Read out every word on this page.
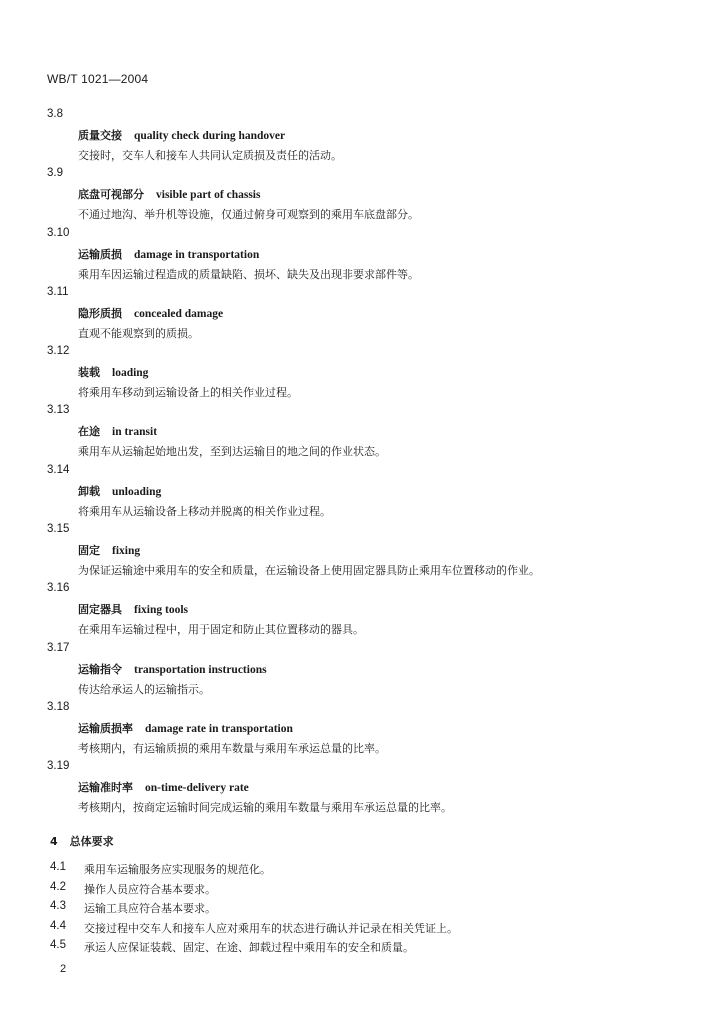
WB/T 1021—2004
3.8
质量交接 quality check during handover
交接时，交车人和接车人共同认定质损及责任的活动。
3.9
底盘可视部分 visible part of chassis
不通过地沟、举升机等设施，仅通过俯身可观察到的乘用车底盘部分。
3.10
运输质损 damage in transportation
乘用车因运输过程造成的质量缺陷、损坏、缺失及出现非要求部件等。
3.11
隐形质损 concealed damage
直观不能观察到的质损。
3.12
装载 loading
将乘用车移动到运输设备上的相关作业过程。
3.13
在途 in transit
乘用车从运输起始地出发，至到达运输目的地之间的作业状态。
3.14
卸载 unloading
将乘用车从运输设备上移动并脱离的相关作业过程。
3.15
固定 fixing
为保证运输途中乘用车的安全和质量，在运输设备上使用固定器具防止乘用车位置移动的作业。
3.16
固定器具 fixing tools
在乘用车运输过程中，用于固定和防止其位置移动的器具。
3.17
运输指令 transportation instructions
传达给承运人的运输指示。
3.18
运输质损率 damage rate in transportation
考核期内，有运输质损的乘用车数量与乘用车承运总量的比率。
3.19
运输准时率 on-time-delivery rate
考核期内，按商定运输时间完成运输的乘用车数量与乘用车承运总量的比率。
4 总体要求
4.1 乘用车运输服务应实现服务的规范化。
4.2 操作人员应符合基本要求。
4.3 运输工具应符合基本要求。
4.4 交接过程中交车人和接车人应对乘用车的状态进行确认并记录在相关凭证上。
4.5 承运人应保证装载、固定、在途、卸载过程中乘用车的安全和质量。
2
